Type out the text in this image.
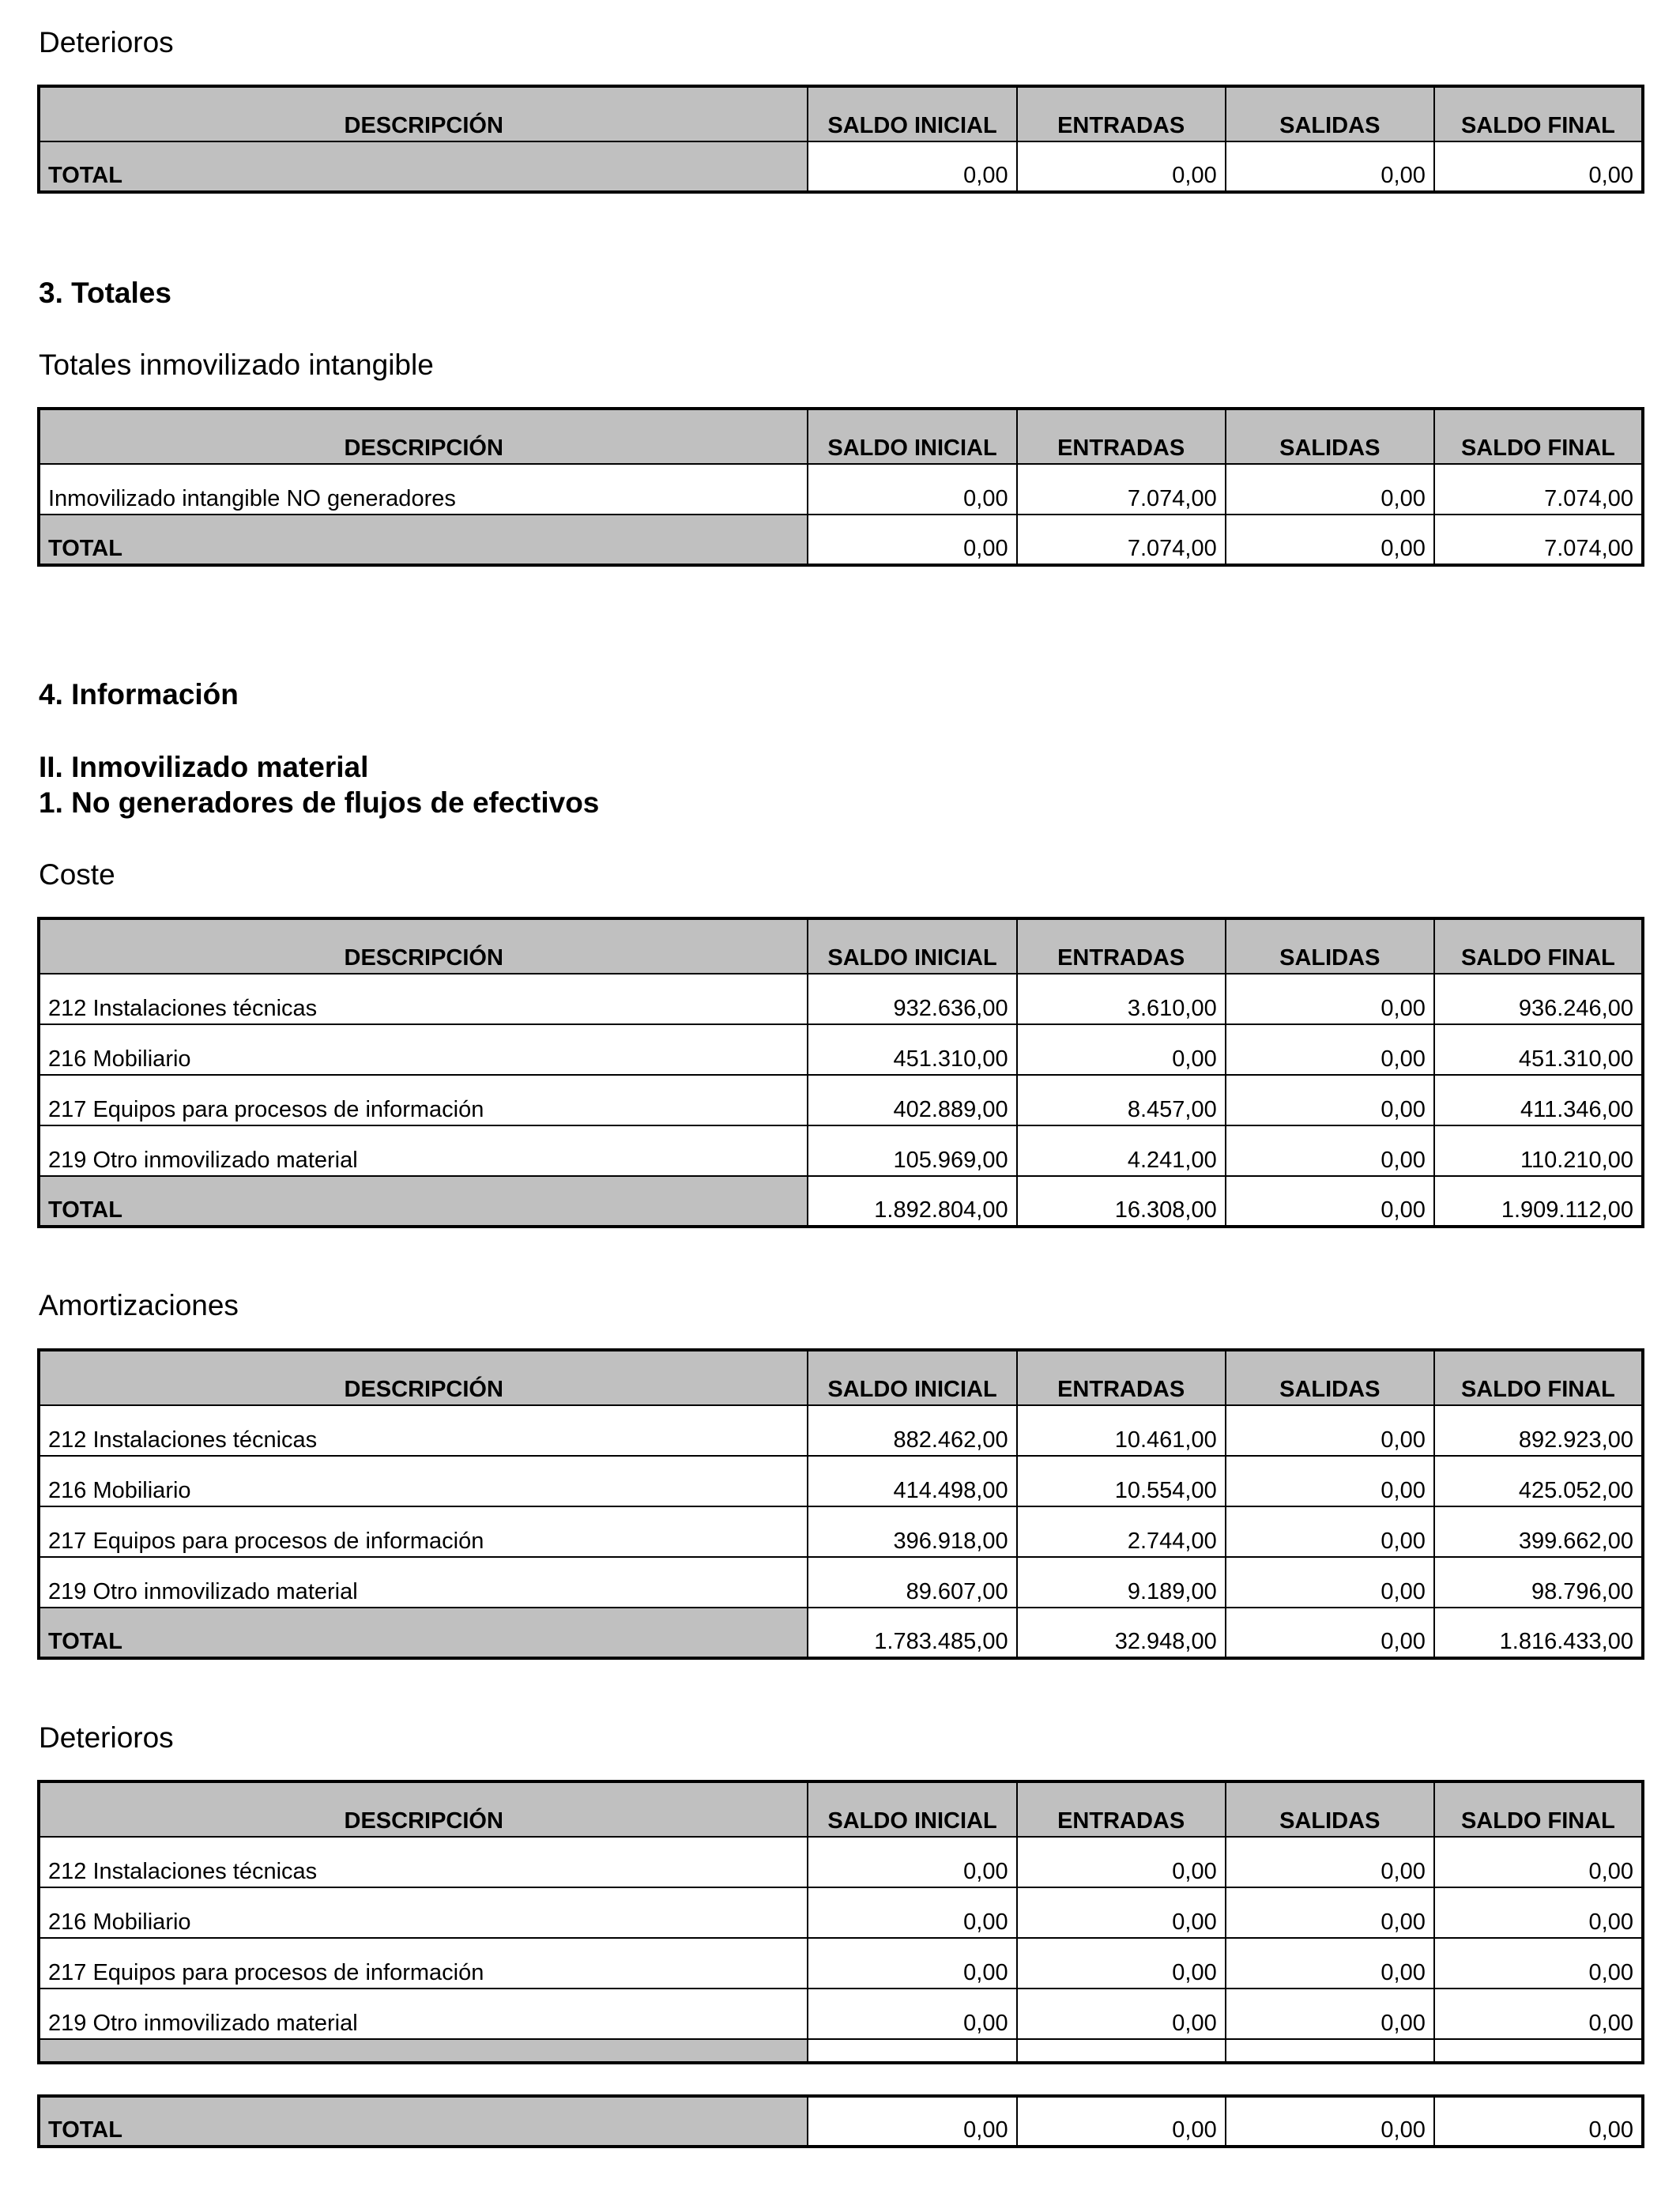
Deterioros
DESCRIPCIÓN	SALDO INICIAL	ENTRADAS	SALIDAS	SALDO FINAL
TOTAL	0,00	0,00	0,00	0,00
3. Totales
Totales inmovilizado intangible
DESCRIPCIÓN	SALDO INICIAL	ENTRADAS	SALIDAS	SALDO FINAL
Inmovilizado intangible NO generadores	0,00	7.074,00	0,00	7.074,00
TOTAL	0,00	7.074,00	0,00	7.074,00
4. Información
II. Inmovilizado material
1. No generadores de flujos de efectivos
Coste
DESCRIPCIÓN	SALDO INICIAL	ENTRADAS	SALIDAS	SALDO FINAL
212 Instalaciones técnicas	932.636,00	3.610,00	0,00	936.246,00
216 Mobiliario	451.310,00	0,00	0,00	451.310,00
217 Equipos para procesos de información	402.889,00	8.457,00	0,00	411.346,00
219 Otro inmovilizado material	105.969,00	4.241,00	0,00	110.210,00
TOTAL	1.892.804,00	16.308,00	0,00	1.909.112,00
Amortizaciones
DESCRIPCIÓN	SALDO INICIAL	ENTRADAS	SALIDAS	SALDO FINAL
212 Instalaciones técnicas	882.462,00	10.461,00	0,00	892.923,00
216 Mobiliario	414.498,00	10.554,00	0,00	425.052,00
217 Equipos para procesos de información	396.918,00	2.744,00	0,00	399.662,00
219 Otro inmovilizado material	89.607,00	9.189,00	0,00	98.796,00
TOTAL	1.783.485,00	32.948,00	0,00	1.816.433,00
Deterioros
DESCRIPCIÓN	SALDO INICIAL	ENTRADAS	SALIDAS	SALDO FINAL
212 Instalaciones técnicas	0,00	0,00	0,00	0,00
216 Mobiliario	0,00	0,00	0,00	0,00
217 Equipos para procesos de información	0,00	0,00	0,00	0,00
219 Otro inmovilizado material	0,00	0,00	0,00	0,00

TOTAL	0,00	0,00	0,00	0,00
